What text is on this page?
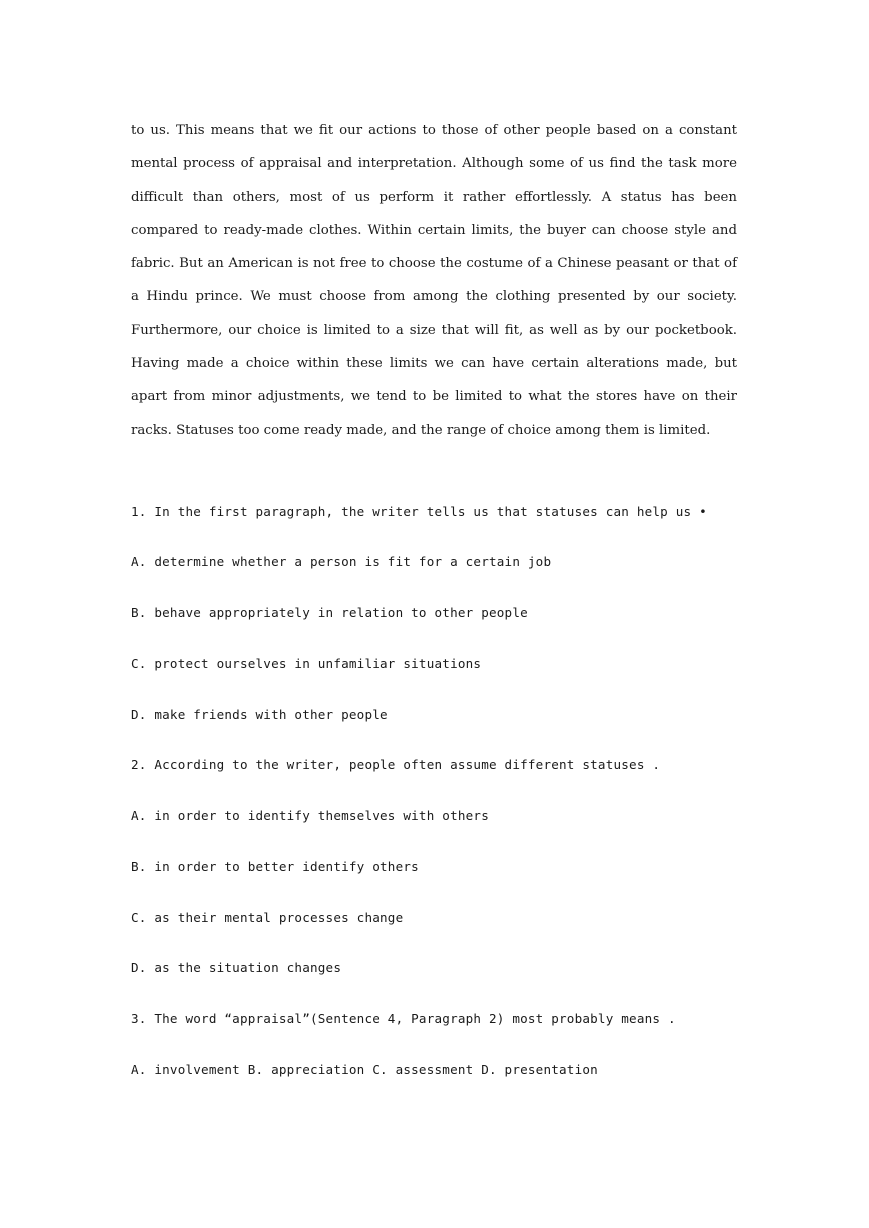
to us. This means that we fit our actions to those of other people based on a constant mental process of appraisal and interpretation. Although some of us find the task more difficult than others, most of us perform it rather effortlessly. A status has been compared to ready-made clothes. Within certain limits, the buyer can choose style and fabric. But an American is not free to choose the costume of a Chinese peasant or that of a Hindu prince. We must choose from among the clothing presented by our society. Furthermore, our choice is limited to a size that will fit, as well as by our pocketbook. Having made a choice within these limits we can have certain alterations made, but apart from minor adjustments, we tend to be limited to what the stores have on their racks. Statuses too come ready made, and the range of choice among them is limited.

1. In the first paragraph, the writer tells us that statuses can help us •

A. determine whether a person is fit for a certain job

B. behave appropriately in relation to other people

C. protect ourselves in unfamiliar situations

D. make friends with other people

2. According to the writer, people often assume different statuses .

A. in order to identify themselves with others

B. in order to better identify others

C. as their mental processes change

D. as the situation changes

3. The word “appraisal”(Sentence 4, Paragraph 2) most probably means .

A. involvement B. appreciation C. assessment D. presentation
